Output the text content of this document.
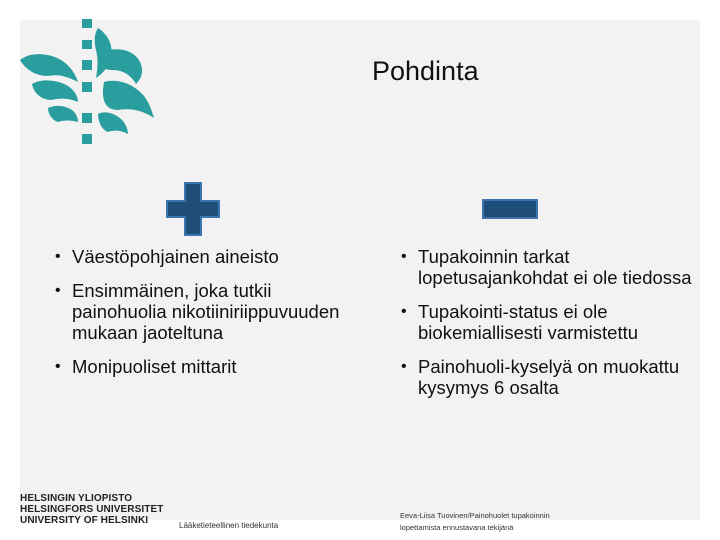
Pohdinta
• Väestöpohjainen aineisto
• Ensimmäinen, joka tutkii painohuolia nikotiiniriippuvuuden mukaan jaoteltuna
• Monipuoliset mittarit
• Tupakoinnin tarkat lopetusajankohdat ei ole tiedossa
• Tupakointi-status ei ole biokemiallisesti varmistettu
• Painohuoli-kyselyä on muokattu kysymys 6 osalta
HELSINGIN YLIOPISTO
HELSINGFORS UNIVERSITET
UNIVERSITY OF HELSINKI	Lääketieteellinen tiedekunta
Eeva-Liisa Tuovinen/Painohuolet tupakoinnin
lopettamista ennustavana tekijänä
